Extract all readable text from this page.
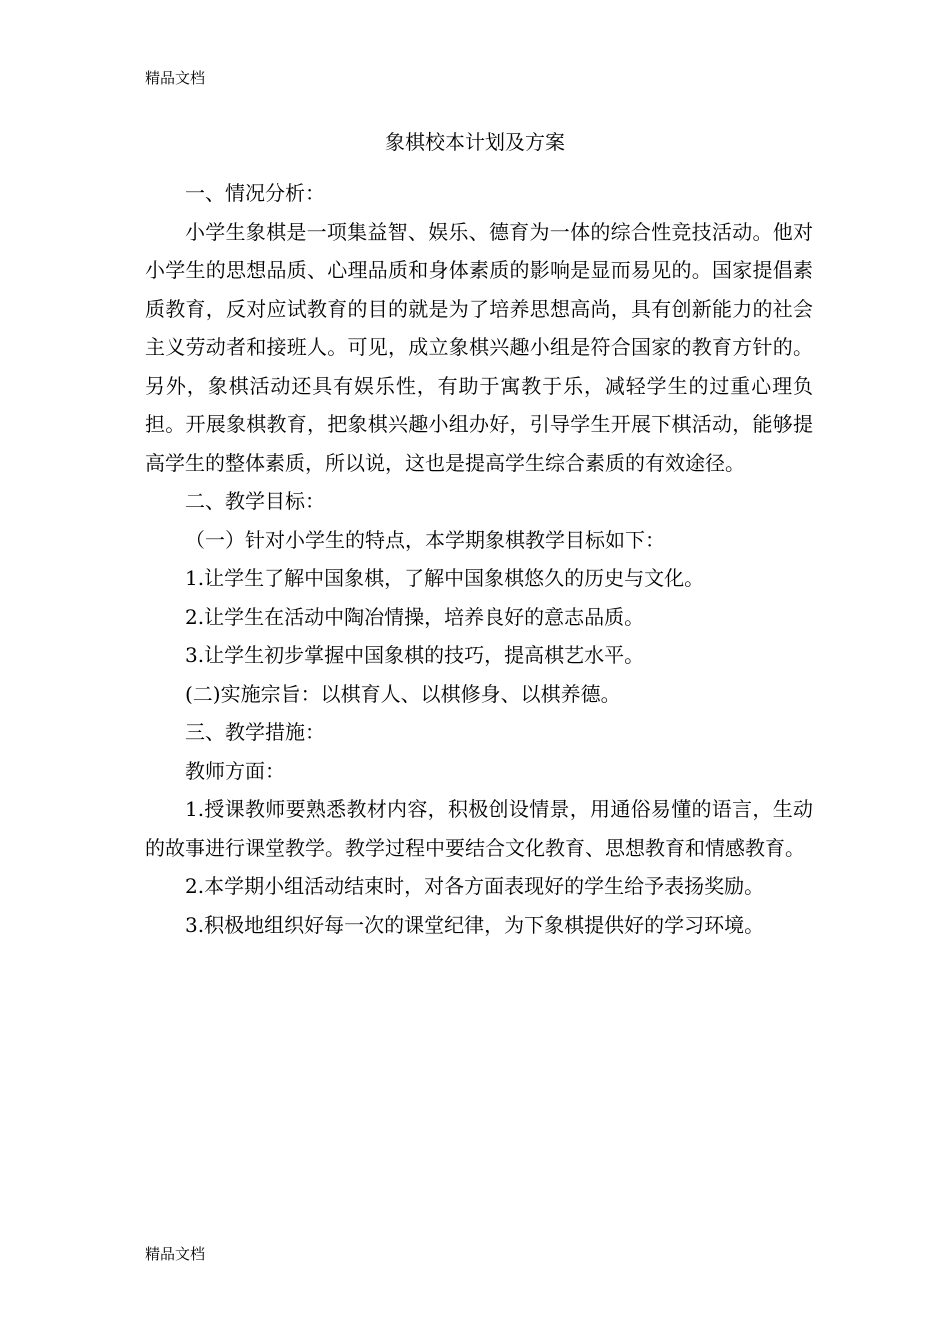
精品文档
象棋校本计划及方案

一、情况分析：

小学生象棋是一项集益智、娱乐、德育为一体的综合性竞技活动。他对小学生的思想品质、心理品质和身体素质的影响是显而易见的。国家提倡素质教育，反对应试教育的目的就是为了培养思想高尚，具有创新能力的社会主义劳动者和接班人。可见，成立象棋兴趣小组是符合国家的教育方针的。另外，象棋活动还具有娱乐性，有助于寓教于乐，减轻学生的过重心理负担。开展象棋教育，把象棋兴趣小组办好，引导学生开展下棋活动，能够提高学生的整体素质，所以说，这也是提高学生综合素质的有效途径。

二、教学目标：

（一）针对小学生的特点，本学期象棋教学目标如下：

1.让学生了解中国象棋，了解中国象棋悠久的历史与文化。

2.让学生在活动中陶冶情操，培养良好的意志品质。

3.让学生初步掌握中国象棋的技巧，提高棋艺水平。

(二)实施宗旨：以棋育人、以棋修身、以棋养德。

三、教学措施：

教师方面：

1.授课教师要熟悉教材内容，积极创设情景，用通俗易懂的语言，生动的故事进行课堂教学。教学过程中要结合文化教育、思想教育和情感教育。

2.本学期小组活动结束时，对各方面表现好的学生给予表扬奖励。

3.积极地组织好每一次的课堂纪律，为下象棋提供好的学习环境。

精品文档
